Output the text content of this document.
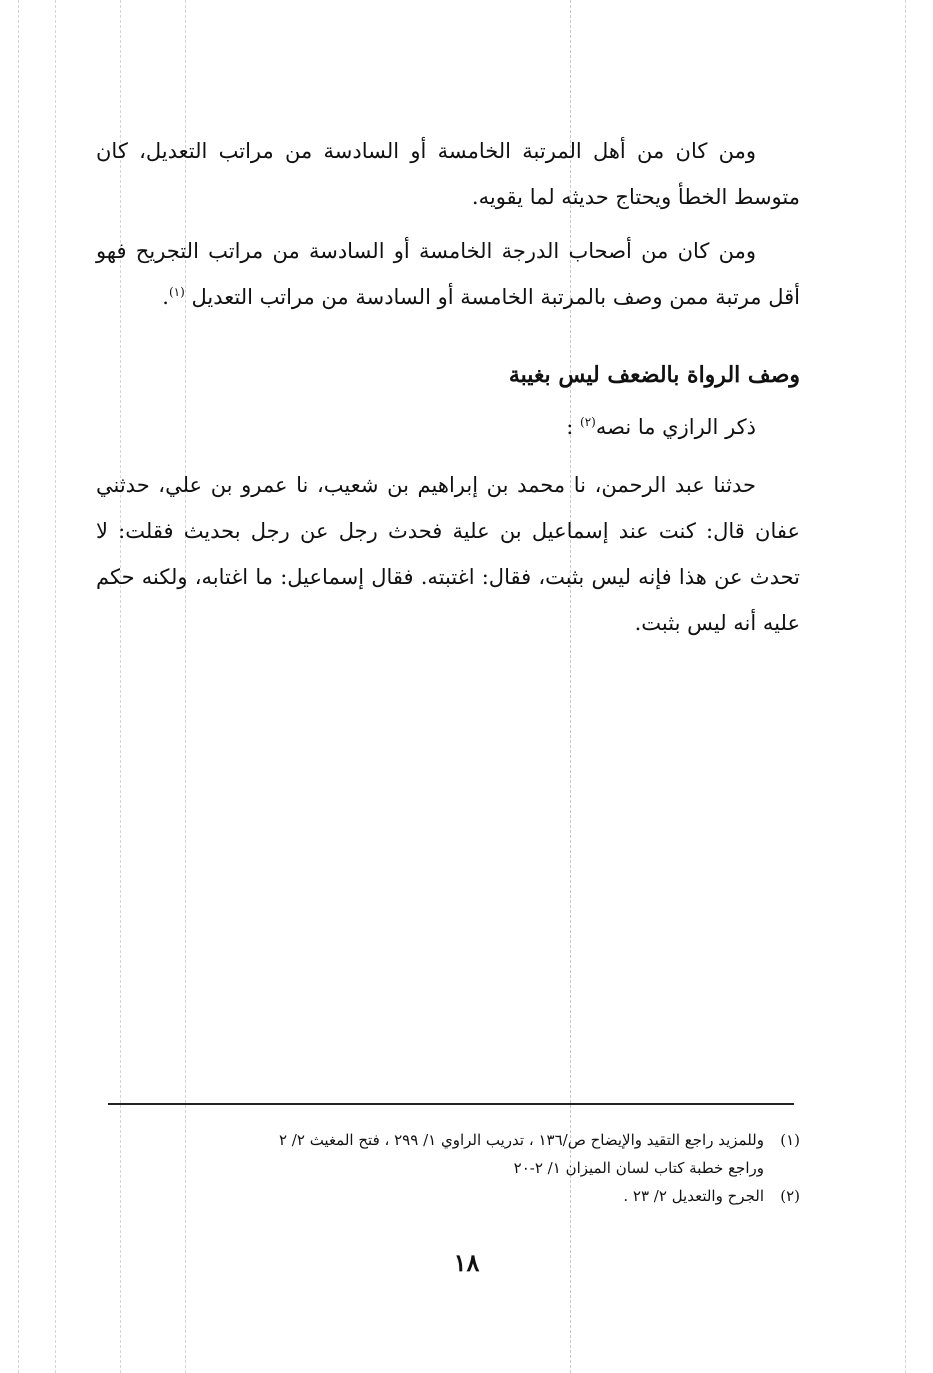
ومن كان من أهل المرتبة الخامسة أو السادسة من مراتب التعديل، كان متوسط الخطأ ويحتاج حديثه لما يقويه.

ومن كان من أصحاب الدرجة الخامسة أو السادسة من مراتب التجريح فهو أقل مرتبة ممن وصف بالمرتبة الخامسة أو السادسة من مراتب التعديل $^{(١)}$.

وصف الرواة بالضعف ليس بغيبة

ذكر الرازي ما نصه$^{(٢)}$ :

حدثنا عبد الرحمن، نا محمد بن إبراهيم بن شعيب، نا عمرو بن علي، حدثني عفان قال: كنت عند إسماعيل بن علية فحدث رجل عن رجل بحديث فقلت: لا تحدث عن هذا فإنه ليس بثبت، فقال: اغتبته. فقال إسماعيل: ما اغتابه، ولكنه حكم عليه أنه ليس بثبت.

(١)
وللمزيد راجع التقيد والإيضاح ص/١٣٦ ، تدريب الراوي ١/ ٢٩٩ ، فتح المغيث ٢/ ٢
وراجع خطبة كتاب لسان الميزان ١/ ٢-٢٠
(٢)
الجرح والتعديل ٢/ ٢٣ .
١٨
